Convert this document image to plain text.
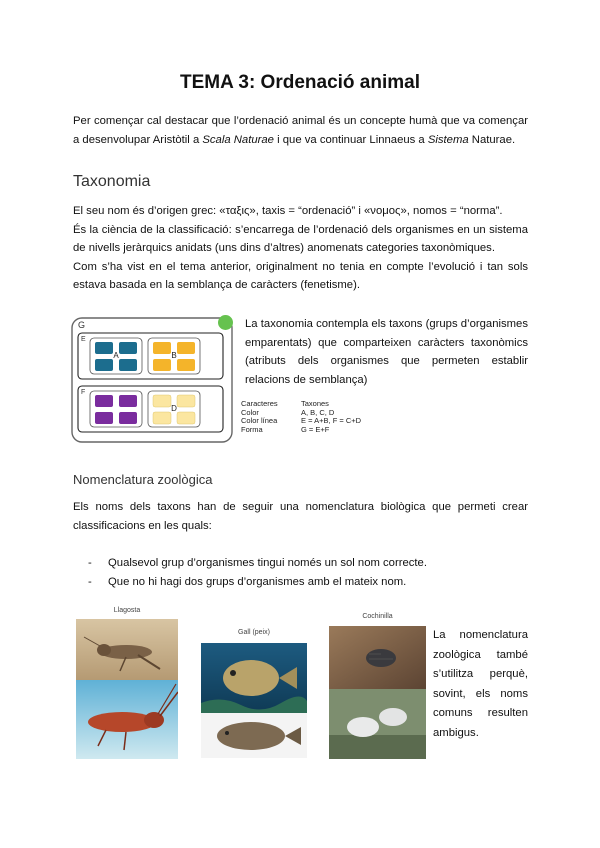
TEMA 3: Ordenació animal
Per començar cal destacar que l’ordenació animal és un concepte humà que va començar a desenvolupar Aristòtil a Scala Naturae i que va continuar Linnaeus a Sistema Naturae.
Taxonomia
El seu nom és d’origen grec: «ταξις», taxis = “ordenació” i «νομος», nomos = “norma”.
És la ciència de la classificació: s’encarrega de l’ordenació dels organismes en un sistema de nivells jeràrquics anidats (uns dins d’altres) anomenats categories taxonòmiques.
Com s’ha vist en el tema anterior, originalment no tenia en compte l’evolució i tan sols estava basada en la semblança de caràcters (fenetisme).
G
E
F
A	B
C	D
La taxonomia contempla els taxons (grups d’organismes emparentats) que comparteixen caràcters taxonòmics (atributs dels organismes que permeten establir relacions de semblança)
Caracteres	Taxones
Color	A, B, C, D
Color línea	E = A+B, F = C+D
Forma	G = E+F
Nomenclatura zoològica
Els noms dels taxons han de seguir una nomenclatura biològica que permeti crear classificacions en les quals:
- Qualsevol grup d’organismes tingui només un sol nom correcte.
- Que no hi hagi dos grups d’organismes amb el mateix nom.
Llagosta
Gall (peix)
Cochinilla
La nomenclatura zoològica també s’utilitza perquè, sovint, els noms comuns resulten ambigus.
